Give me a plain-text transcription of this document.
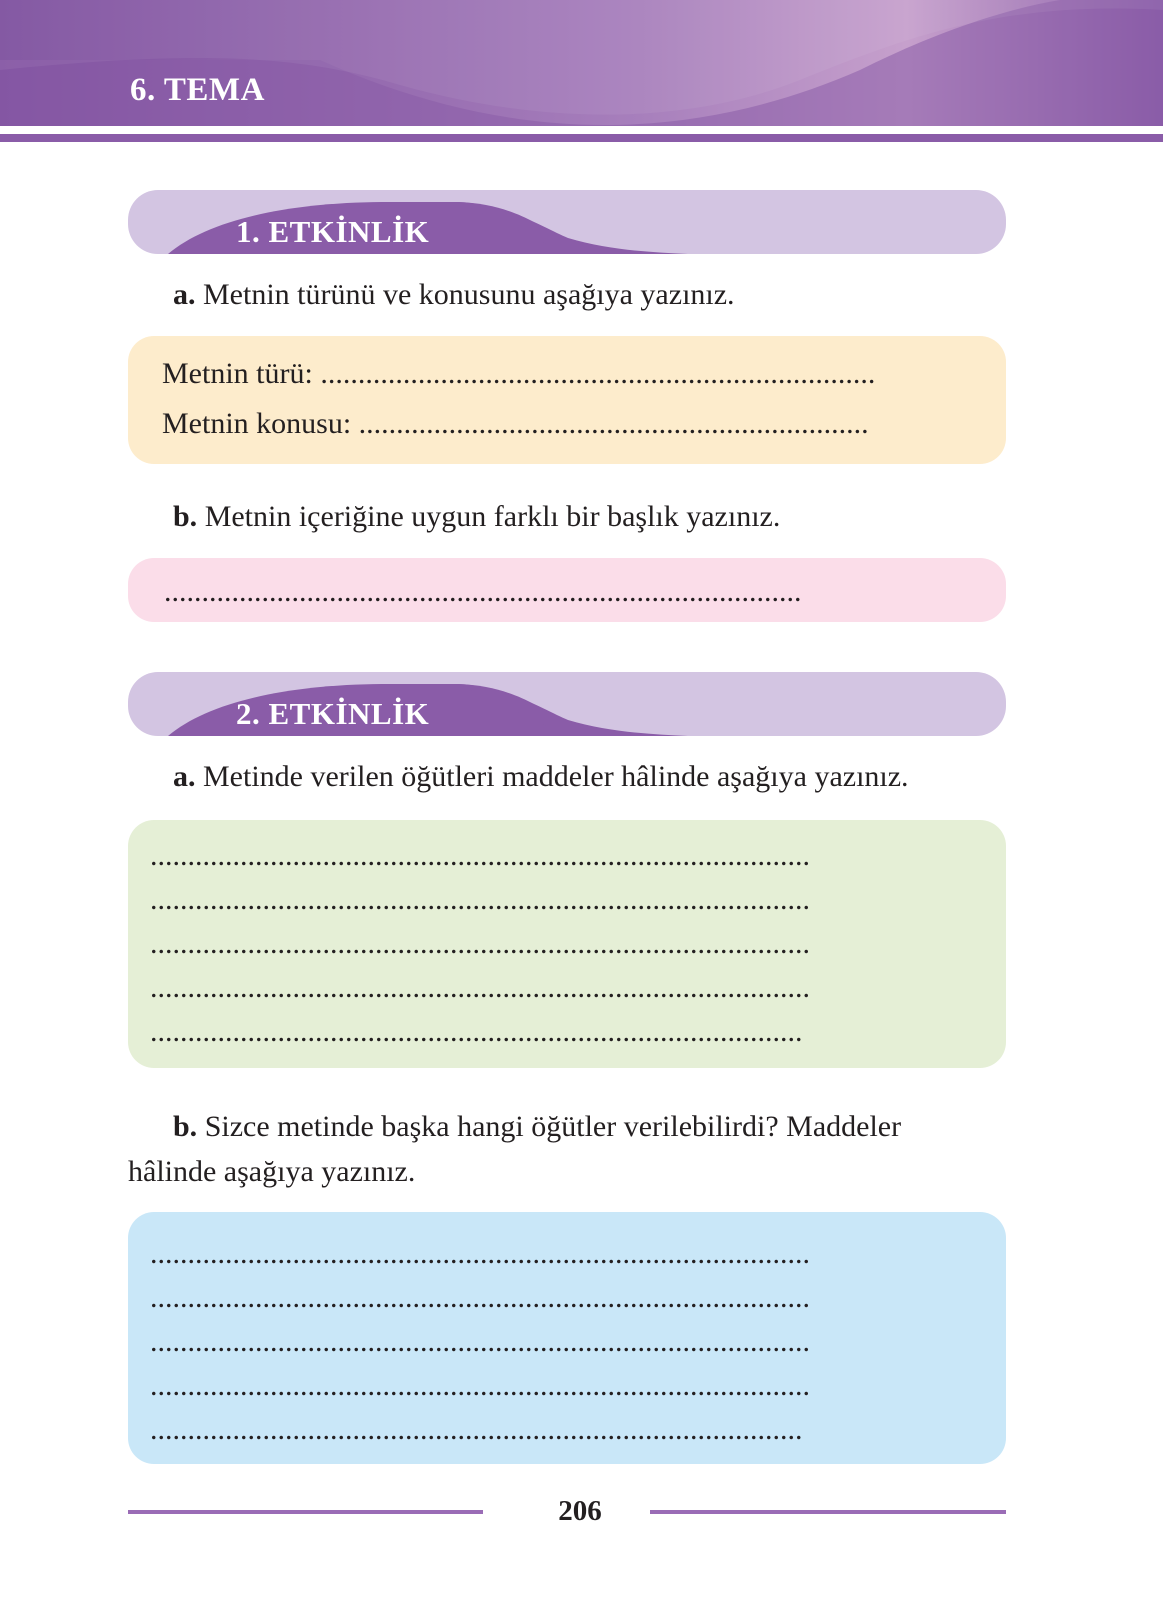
6. TEMA
1. ETKİNLİK
a. Metnin türünü ve konusunu aşağıya yazınız.
Metnin türü: ..........................................................................
Metnin konusu: ....................................................................
b. Metnin içeriğine uygun farklı bir başlık yazınız.
.....................................................................................
2. ETKİNLİK
a. Metinde verilen öğütleri maddeler hâlinde aşağıya yazınız.
........................................................................................
........................................................................................
........................................................................................
........................................................................................
.......................................................................................
b. Sizce metinde başka hangi öğütler verilebilirdi? Maddeler
hâlinde aşağıya yazınız.
........................................................................................
........................................................................................
........................................................................................
........................................................................................
.......................................................................................
206
